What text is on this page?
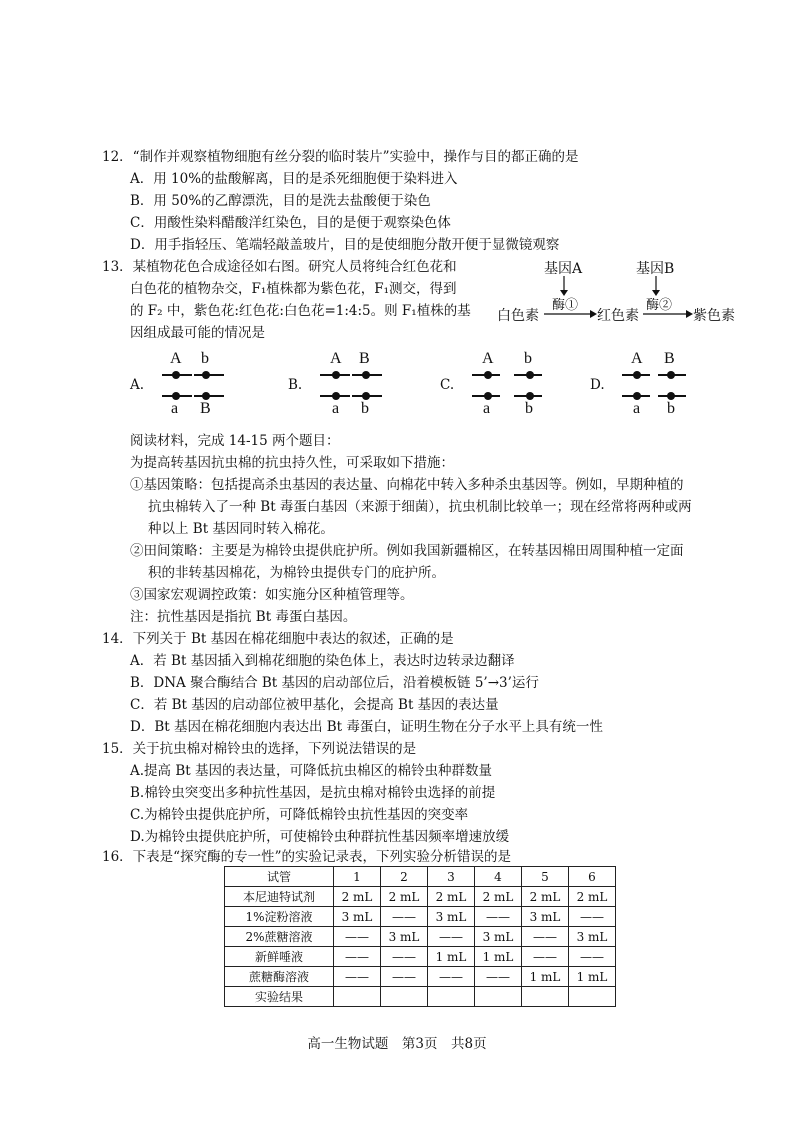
12．“制作并观察植物细胞有丝分裂的临时装片”实验中，操作与目的都正确的是
A．用 10%的盐酸解离，目的是杀死细胞便于染料进入
B．用 50%的乙醇漂洗，目的是洗去盐酸便于染色
C．用酸性染料醋酸洋红染色，目的是便于观察染色体
D．用手指轻压、笔端轻敲盖玻片，目的是使细胞分散开便于显微镜观察
13．某植物花色合成途径如右图。研究人员将纯合红色花和
白色花的植物杂交，F₁植株都为紫色花，F₁测交，得到
的 F₂ 中，紫色花:红色花:白色花=1:4:5。则 F₁植株的基
因组成最可能的情况是
基因A	基因B
白色素
酶①
红色素
酶②
紫色素
A.
A b
a B
B.
A B
a b
C.
A b
a b
D.
A B
a b
阅读材料，完成 14-15 两个题目：
为提高转基因抗虫棉的抗虫持久性，可采取如下措施：
①基因策略：包括提高杀虫基因的表达量、向棉花中转入多种杀虫基因等。例如，早期种植的
抗虫棉转入了一种 Bt 毒蛋白基因（来源于细菌），抗虫机制比较单一；现在经常将两种或两
种以上 Bt 基因同时转入棉花。
②田间策略：主要是为棉铃虫提供庇护所。例如我国新疆棉区，在转基因棉田周围种植一定面
积的非转基因棉花，为棉铃虫提供专门的庇护所。
③国家宏观调控政策：如实施分区种植管理等。
注：抗性基因是指抗 Bt 毒蛋白基因。
14．下列关于 Bt 基因在棉花细胞中表达的叙述，正确的是
A．若 Bt 基因插入到棉花细胞的染色体上，表达时边转录边翻译
B．DNA 聚合酶结合 Bt 基因的启动部位后，沿着模板链 5’→3’运行
C．若 Bt 基因的启动部位被甲基化，会提高 Bt 基因的表达量
D．Bt 基因在棉花细胞内表达出 Bt 毒蛋白，证明生物在分子水平上具有统一性
15．关于抗虫棉对棉铃虫的选择，下列说法错误的是
A.提高 Bt 基因的表达量，可降低抗虫棉区的棉铃虫种群数量
B.棉铃虫突变出多种抗性基因，是抗虫棉对棉铃虫选择的前提
C.为棉铃虫提供庇护所，可降低棉铃虫抗性基因的突变率
D.为棉铃虫提供庇护所，可使棉铃虫种群抗性基因频率增速放缓
16．下表是“探究酶的专一性”的实验记录表，下列实验分析错误的是
试管	1	2	3	4	5	6
本尼迪特试剂	2 mL	2 mL	2 mL	2 mL	2 mL	2 mL
1%淀粉溶液	3 mL	——	3 mL	——	3 mL	——
2%蔗糖溶液	——	3 mL	——	3 mL	——	3 mL
新鲜唾液	——	——	1 mL	1 mL	——	——
蔗糖酶溶液	——	——	——	——	1 mL	1 mL
实验结果						
高一生物试题　第3页　共8页
